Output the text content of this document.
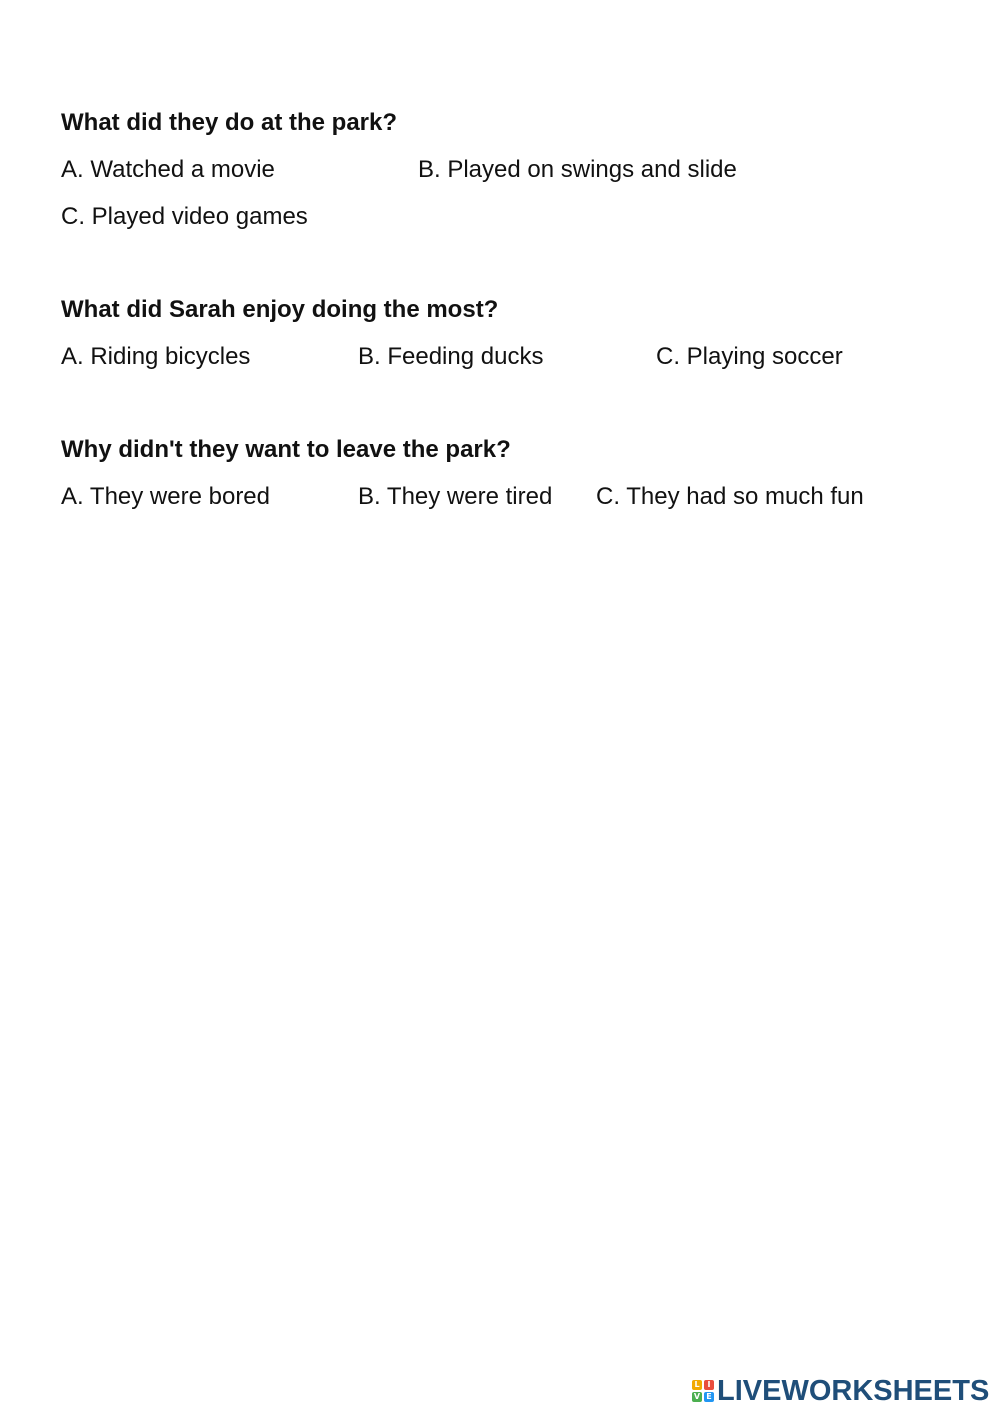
What did they do at the park?
A. Watched a movie	B. Played on swings and slide
C. Played video games
What did Sarah enjoy doing the most?
A. Riding bicycles	B. Feeding ducks	C. Playing soccer
Why didn't they want to leave the park?
A. They were bored	B. They were tired C. They had so much fun
L I
V E LIVEWORKSHEETS
